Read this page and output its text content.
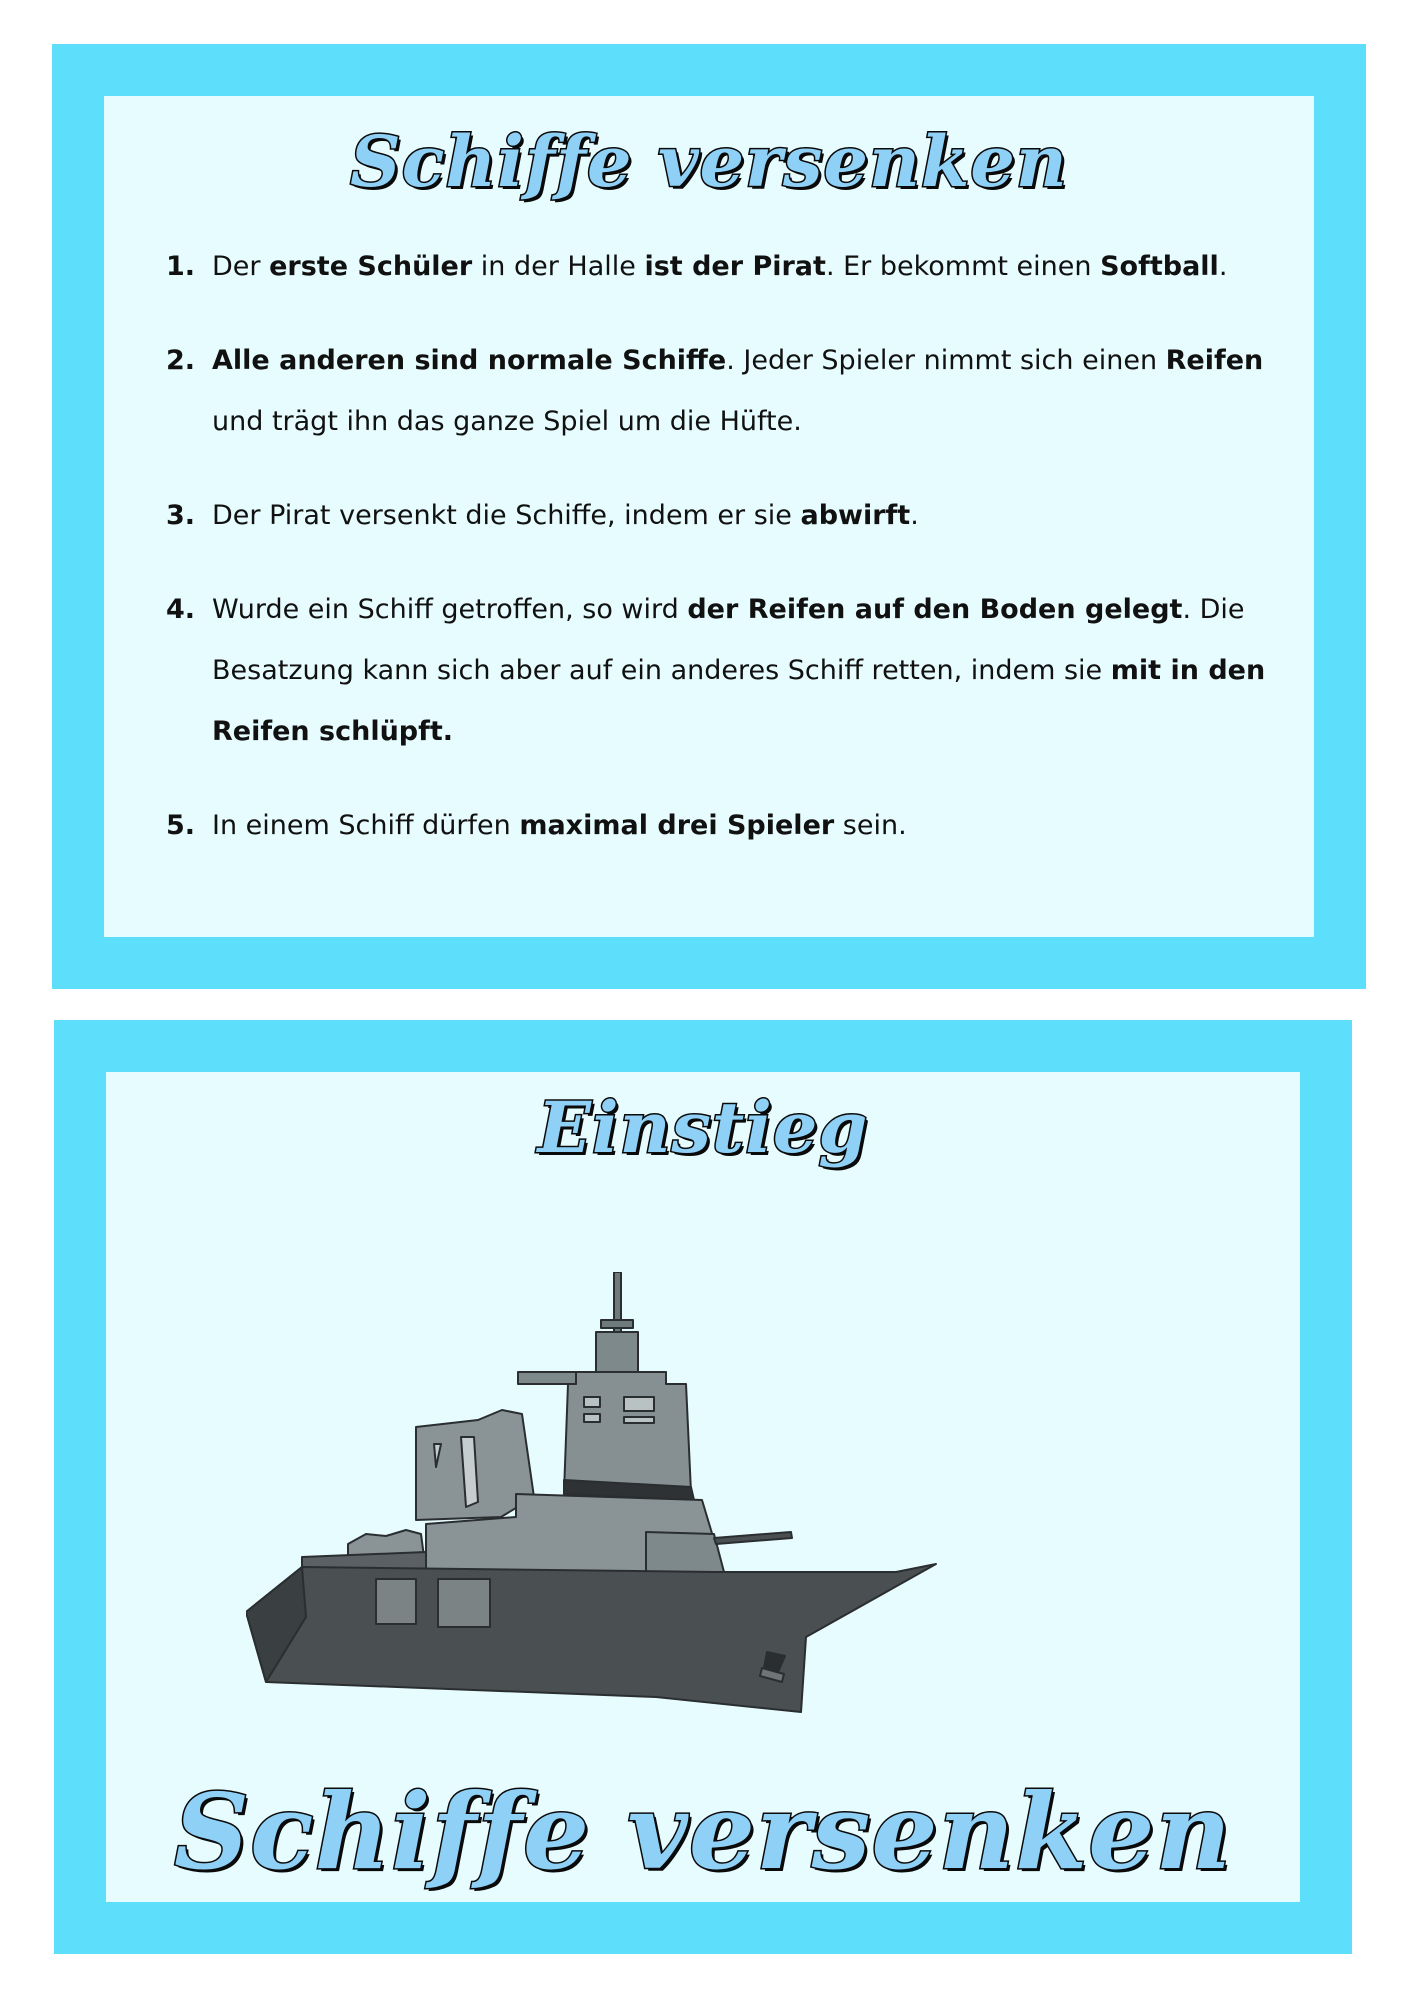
Schiffe versenken
1. Der erste Schüler in der Halle ist der Pirat. Er bekommt einen Softball.
2. Alle anderen sind normale Schiffe. Jeder Spieler nimmt sich einen Reifen und trägt ihn das ganze Spiel um die Hüfte.
3. Der Pirat versenkt die Schiffe, indem er sie abwirft.
4. Wurde ein Schiff getroffen, so wird der Reifen auf den Boden gelegt. Die Besatzung kann sich aber auf ein anderes Schiff retten, indem sie mit in den Reifen schlüpft.
5. In einem Schiff dürfen maximal drei Spieler sein.
Einstieg
Schiffe versenken
